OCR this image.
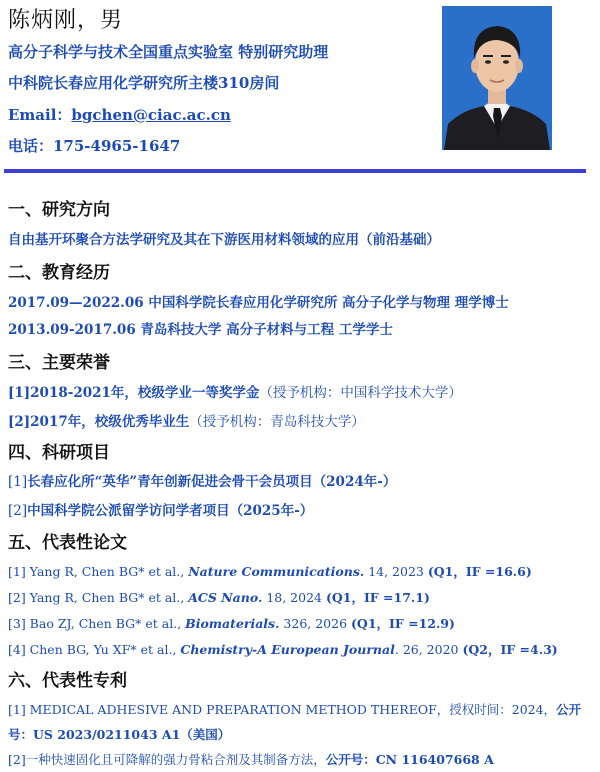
陈炳刚，男
高分子科学与技术全国重点实验室 特别研究助理
中科院长春应用化学研究所主楼310房间
Email：bgchen@ciac.ac.cn
电话：175-4965-1647
一、研究方向
自由基开环聚合方法学研究及其在下游医用材料领域的应用（前沿基础）
二、教育经历
2017.09—2022.06 中国科学院长春应用化学研究所 高分子化学与物理 理学博士
2013.09-2017.06 青岛科技大学 高分子材料与工程 工学学士
三、主要荣誉
[1]2018-2021年，校级学业一等奖学金（授予机构：中国科学技术大学）
[2]2017年，校级优秀毕业生（授予机构：青岛科技大学）
四、科研项目
[1]长春应化所“英华”青年创新促进会骨干会员项目（2024年-）
[2]中国科学院公派留学访问学者项目（2025年-）
五、代表性论文
[1] Yang R, Chen BG* et al., Nature Communications. 14, 2023 (Q1，IF =16.6)
[2] Yang R, Chen BG* et al., ACS Nano. 18, 2024 (Q1，IF =17.1)
[3] Bao ZJ, Chen BG* et al., Biomaterials. 326, 2026 (Q1，IF =12.9)
[4] Chen BG, Yu XF* et al., Chemistry-A European Journal. 26, 2020 (Q2，IF =4.3)
六、代表性专利
[1] MEDICAL ADHESIVE AND PREPARATION METHOD THEREOF，授权时间：2024，公开
号：US 2023/0211043 A1（美国）
[2]一种快速固化且可降解的强力骨粘合剂及其制备方法，公开号：CN 116407668 A
